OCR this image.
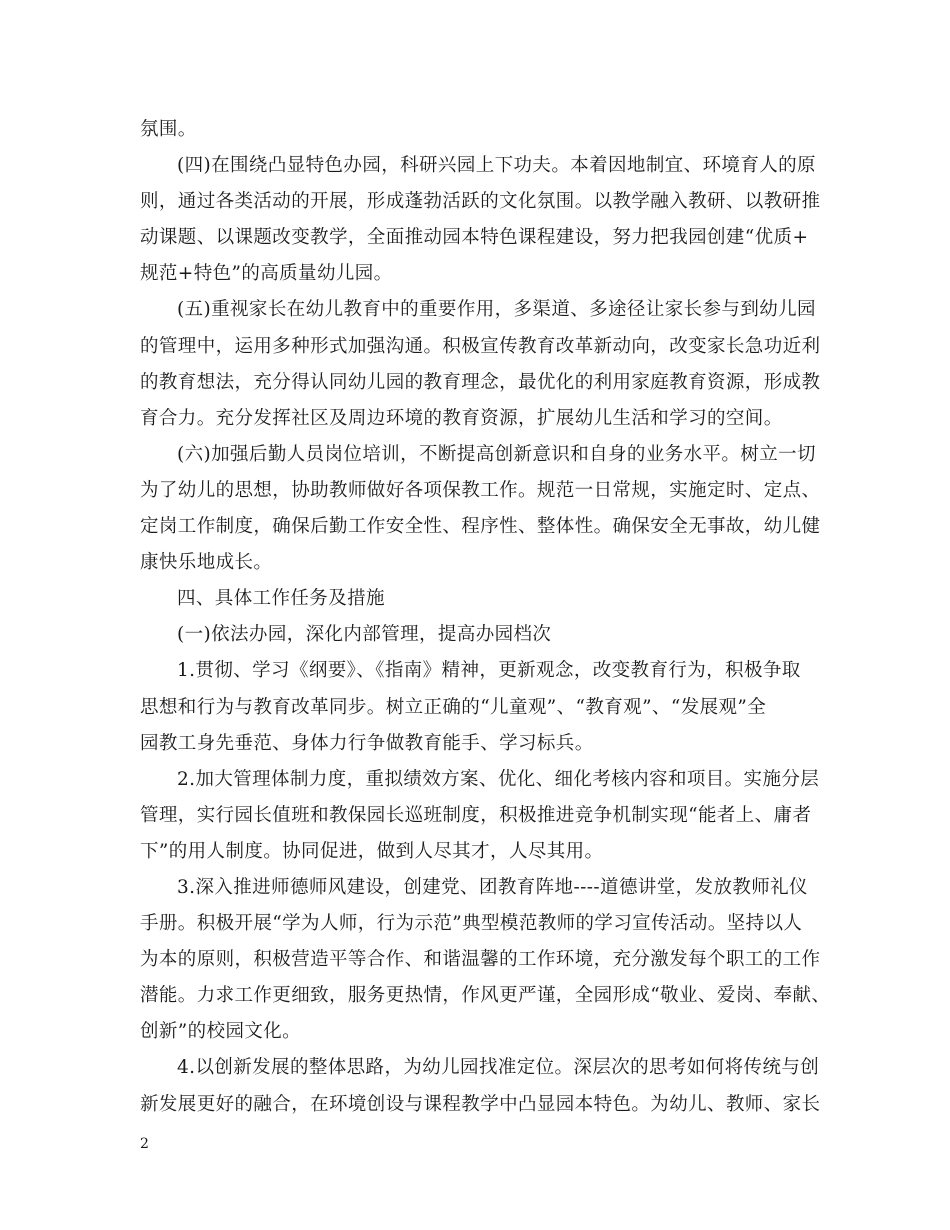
氛围。
(四)在围绕凸显特色办园，科研兴园上下功夫。本着因地制宜、环境育人的原
则，通过各类活动的开展，形成蓬勃活跃的文化氛围。以教学融入教研、以教研推
动课题、以课题改变教学，全面推动园本特色课程建设，努力把我园创建“优质+
规范+特色”的高质量幼儿园。
(五)重视家长在幼儿教育中的重要作用，多渠道、多途径让家长参与到幼儿园
的管理中，运用多种形式加强沟通。积极宣传教育改革新动向，改变家长急功近利
的教育想法，充分得认同幼儿园的教育理念，最优化的利用家庭教育资源，形成教
育合力。充分发挥社区及周边环境的教育资源，扩展幼儿生活和学习的空间。
(六)加强后勤人员岗位培训，不断提高创新意识和自身的业务水平。树立一切
为了幼儿的思想，协助教师做好各项保教工作。规范一日常规，实施定时、定点、
定岗工作制度，确保后勤工作安全性、程序性、整体性。确保安全无事故，幼儿健
康快乐地成长。
四、具体工作任务及措施
(一)依法办园，深化内部管理，提高办园档次
1.贯彻、学习《纲要》、《指南》精神，更新观念，改变教育行为，积极争取
思想和行为与教育改革同步。树立正确的“儿童观”、“教育观”、“发展观”全
园教工身先垂范、身体力行争做教育能手、学习标兵。
2.加大管理体制力度，重拟绩效方案、优化、细化考核内容和项目。实施分层
管理，实行园长值班和教保园长巡班制度，积极推进竞争机制实现“能者上、庸者
下”的用人制度。协同促进，做到人尽其才，人尽其用。
3.深入推进师德师风建设，创建党、团教育阵地----道德讲堂，发放教师礼仪
手册。积极开展“学为人师，行为示范”典型模范教师的学习宣传活动。坚持以人
为本的原则，积极营造平等合作、和谐温馨的工作环境，充分激发每个职工的工作
潜能。力求工作更细致，服务更热情，作风更严谨，全园形成“敬业、爱岗、奉献、
创新”的校园文化。
4.以创新发展的整体思路，为幼儿园找准定位。深层次的思考如何将传统与创
新发展更好的融合，在环境创设与课程教学中凸显园本特色。为幼儿、教师、家长
2
